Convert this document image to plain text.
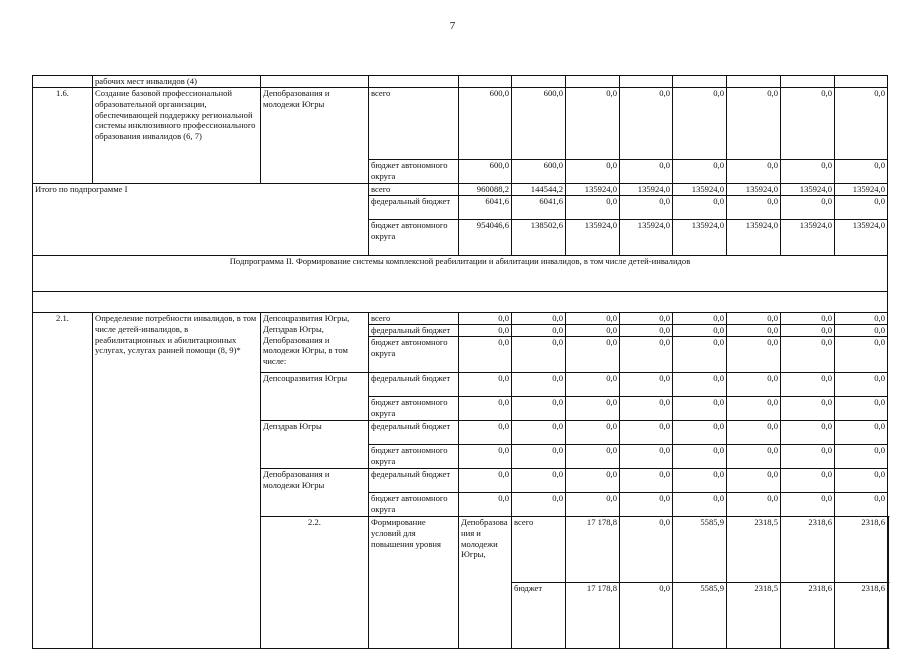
7
	рабочих мест инвалидов (4)											
1.6.	Создание базовой профессиональной образовательной организации, обеспечивающей поддержку региональной системы инклюзивного профессионального образования инвалидов (6, 7)	Депобразования и молодежи Югры	всего	600,0	600,0	0,0	0,0	0,0	0,0	0,0	0,0	
			бюджет автономного округа	600,0	600,0	0,0	0,0	0,0	0,0	0,0	0,0	
Итого по подпрограмме I			всего	960088,2	144544,2	135924,0	135924,0	135924,0	135924,0	135924,0	135924,0	
			федеральный бюджет	6041,6	6041,6	0,0	0,0	0,0	0,0	0,0	0,0	
			бюджет автономного округа	954046,6	138502,6	135924,0	135924,0	135924,0	135924,0	135924,0	135924,0	
Подпрограмма II. Формирование системы комплексной реабилитации и абилитации инвалидов, в том числе детей-инвалидов												

2.1.	Определение потребности инвалидов, в том числе детей-инвалидов, в реабилитационных и абилитационных услугах, услугах ранней помощи (8, 9)*	Депсоцразвития Югры, Депздрав Югры, Депобразования и молодежи Югры, в том числе:	всего	0,0	0,0	0,0	0,0	0,0	0,0	0,0	0,0	
			федеральный бюджет	0,0	0,0	0,0	0,0	0,0	0,0	0,0	0,0	
			бюджет автономного округа	0,0	0,0	0,0	0,0	0,0	0,0	0,0	0,0	
		Депсоцразвития Югры	федеральный бюджет	0,0	0,0	0,0	0,0	0,0	0,0	0,0	0,0	
			бюджет автономного округа	0,0	0,0	0,0	0,0	0,0	0,0	0,0	0,0	
		Депздрав Югры	федеральный бюджет	0,0	0,0	0,0	0,0	0,0	0,0	0,0	0,0	
			бюджет автономного округа	0,0	0,0	0,0	0,0	0,0	0,0	0,0	0,0	
		Депобразования и молодежи Югры	федеральный бюджет	0,0	0,0	0,0	0,0	0,0	0,0	0,0	0,0	
			бюджет автономного округа	0,0	0,0	0,0	0,0	0,0	0,0	0,0	0,0	
		2.2.	Формирование условий для повышения уровня	Депобразования и молодежи Югры,	всего	17 178,8	0,0	5585,9	2318,5	2318,6	2318,6		
					бюджет	17 178,8	0,0	5585,9	2318,5	2318,6	2318,6		
